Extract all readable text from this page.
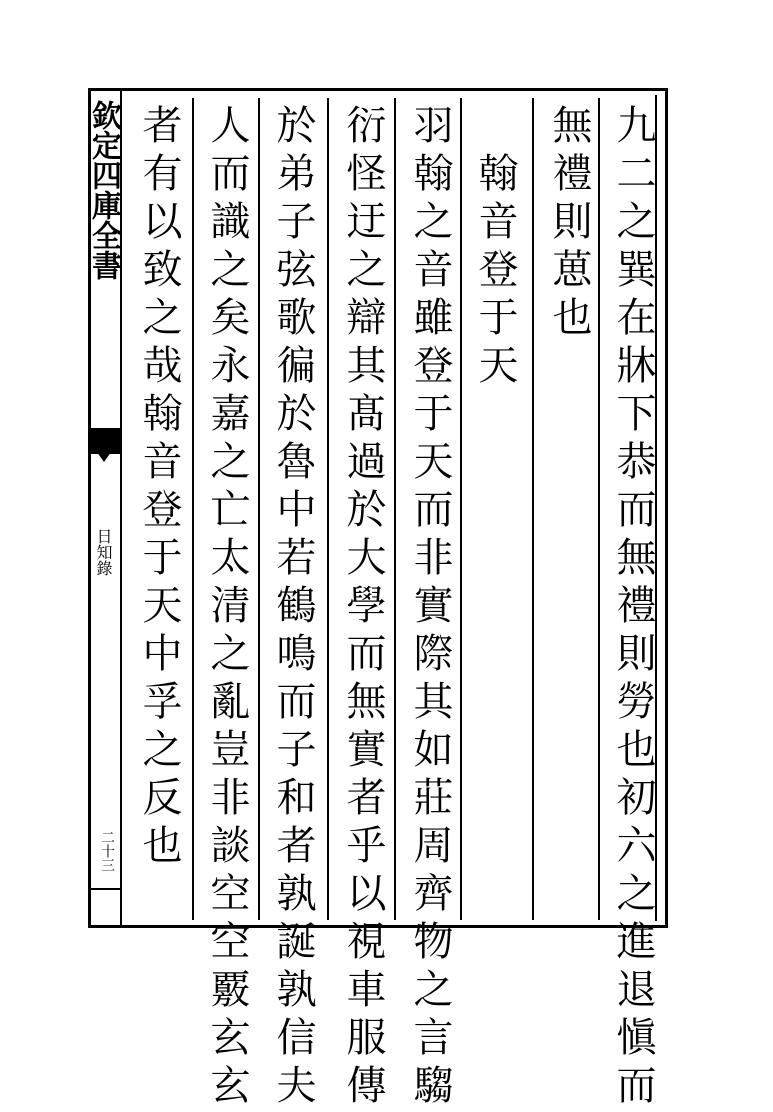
欽定四庫全書
日知錄
二十三	九二之巽在牀下恭而無禮則勞也初六之進退愼而
無禮則葸也
翰音登于天
羽翰之音雖登于天而非實際其如莊周齊物之言騶
衍怪迂之辯其髙過於大學而無實者乎以視車服傳
於弟子弦歌徧於魯中若鶴鳴而子和者孰誕孰信夫
人而識之矣永嘉之亡太清之亂豈非談空空覈玄玄
者有以致之哉翰音登于天中孚之反也
